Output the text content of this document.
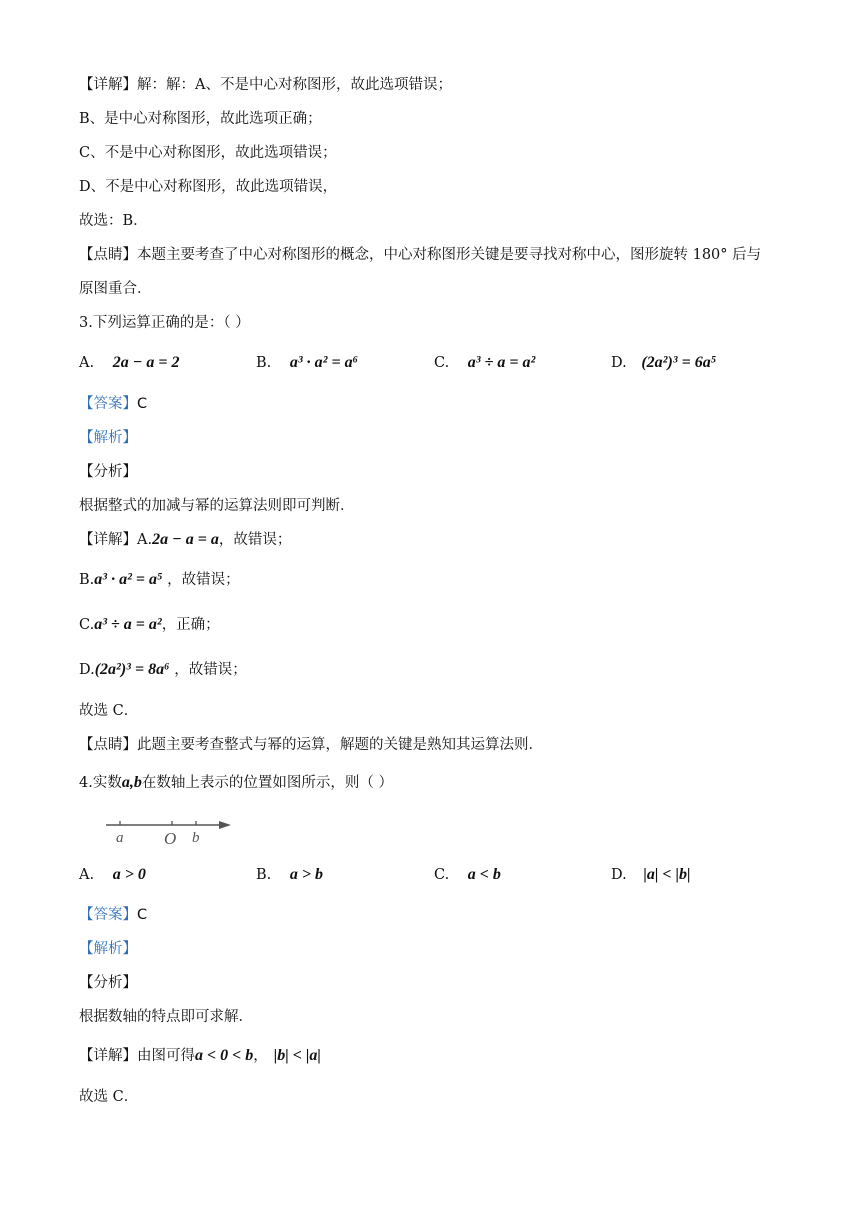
【详解】解：解：A、不是中心对称图形，故此选项错误；
B、是中心对称图形，故此选项正确；
C、不是中心对称图形，故此选项错误；
D、不是中心对称图形，故此选项错误，
故选：B．
【点睛】本题主要考查了中心对称图形的概念，中心对称图形关键是要寻找对称中心，图形旋转 180° 后与
原图重合．
3.下列运算正确的是：（ ）
A. 2a − a = 2	B. a³ · a² = a⁶	C. a³ ÷ a = a²	D. (2a²)³ = 6a⁵
【答案】C
【解析】
【分析】
根据整式的加减与幂的运算法则即可判断．
【详解】A.2a − a = a，故错误；
B.a³ · a² = a⁵ ，故错误；
C.a³ ÷ a = a²，正确；
D.(2a²)³ = 8a⁶ ，故错误；
故选 C．
【点睛】此题主要考查整式与幂的运算，解题的关键是熟知其运算法则．
4.实数a,b在数轴上表示的位置如图所示，则（ ）
a O b
A. a > 0	B. a > b	C. a < b	D. |a| < |b|
【答案】C
【解析】
【分析】
根据数轴的特点即可求解．
【详解】由图可得a < 0 < b， |b| < |a|
故选 C．
